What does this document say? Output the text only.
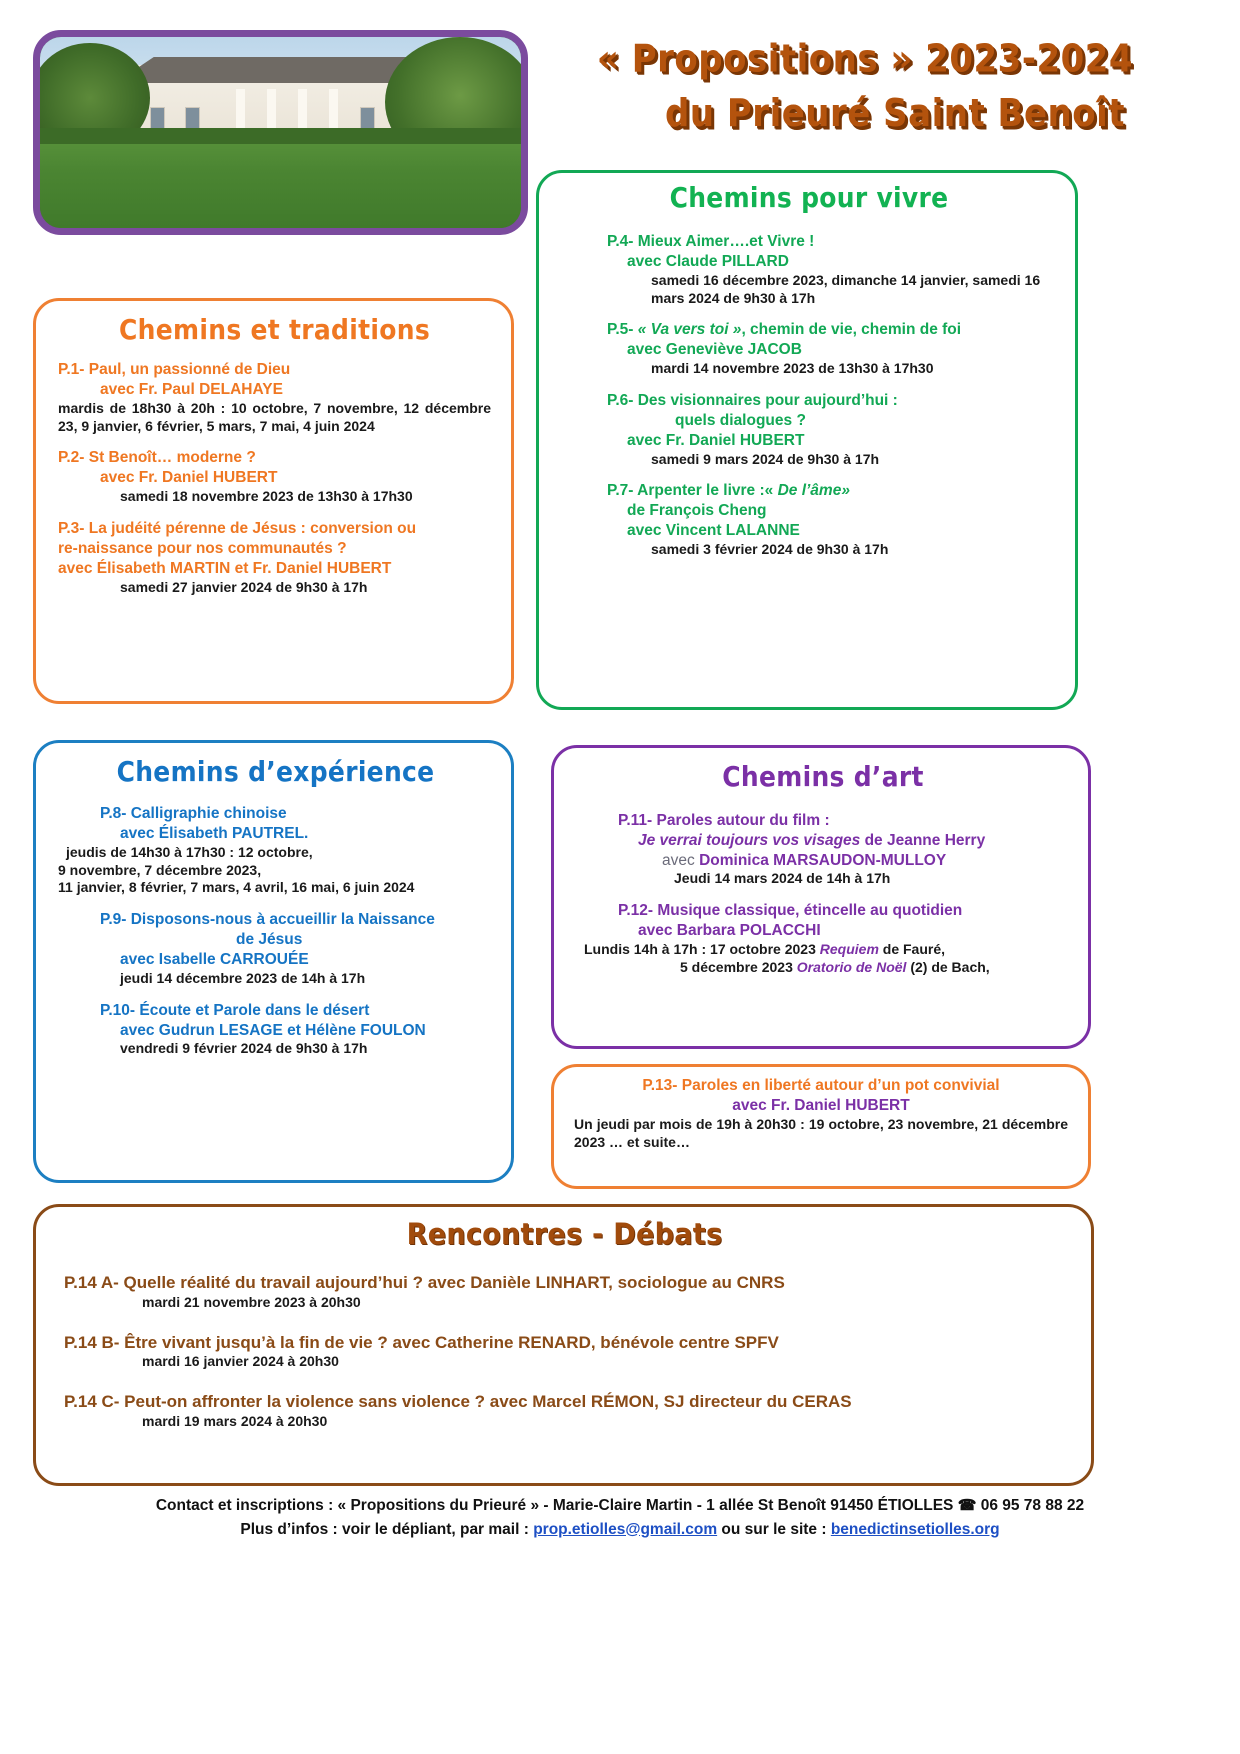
« Propositions » 2023-2024
du Prieuré Saint Benoît
Chemins et traditions
P.1- Paul, un passionné de Dieu
avec Fr. Paul DELAHAYE
mardis de 18h30 à 20h : 10 octobre, 7 novembre, 12 décembre 23, 9 janvier, 6 février, 5 mars, 7 mai, 4 juin 2024
P.2- St Benoît… moderne ?
avec Fr. Daniel HUBERT
samedi 18 novembre 2023 de 13h30 à 17h30
P.3- La judéité pérenne de Jésus : conversion ou
re-naissance pour nos communautés ?
avec Élisabeth MARTIN et Fr. Daniel HUBERT
samedi 27 janvier 2024 de 9h30 à 17h
Chemins pour vivre
P.4- Mieux Aimer….et Vivre !
avec Claude PILLARD
samedi 16 décembre 2023, dimanche 14 janvier, samedi 16 mars 2024 de 9h30 à 17h
P.5- « Va vers toi », chemin de vie, chemin de foi
avec Geneviève JACOB
mardi 14 novembre 2023 de 13h30 à 17h30
P.6- Des visionnaires pour aujourd’hui :
quels dialogues ?
avec Fr. Daniel HUBERT
samedi 9 mars 2024 de 9h30 à 17h
P.7- Arpenter le livre :« De l’âme»
de François Cheng
avec Vincent LALANNE
samedi 3 février 2024 de 9h30 à 17h
Chemins d’expérience
P.8- Calligraphie chinoise
avec Élisabeth PAUTREL.
jeudis de 14h30 à 17h30 : 12 octobre,
9 novembre, 7 décembre 2023,
11 janvier, 8 février, 7 mars, 4 avril, 16 mai, 6 juin 2024
P.9- Disposons-nous à accueillir la Naissance
de Jésus
avec Isabelle CARROUÉE
jeudi 14 décembre 2023 de 14h à 17h
P.10- Écoute et Parole dans le désert
avec Gudrun LESAGE et Hélène FOULON
vendredi 9 février 2024 de 9h30 à 17h
Chemins d’art
P.11- Paroles autour du film :
Je verrai toujours vos visages de Jeanne Herry
avec Dominica MARSAUDON-MULLOY
Jeudi 14 mars 2024 de 14h à 17h
P.12- Musique classique, étincelle au quotidien
avec Barbara POLACCHI
Lundis 14h à 17h : 17 octobre 2023 Requiem de Fauré,
5 décembre 2023 Oratorio de Noël (2) de Bach,
P.13- Paroles en liberté autour d’un pot convivial
avec Fr. Daniel HUBERT
Un jeudi par mois de 19h à 20h30 : 19 octobre, 23 novembre, 21 décembre 2023 … et suite…
Rencontres - Débats
P.14 A- Quelle réalité du travail aujourd’hui ? avec Danièle LINHART, sociologue au CNRS
mardi 21 novembre 2023 à 20h30
P.14 B- Être vivant jusqu’à la fin de vie ? avec Catherine RENARD, bénévole centre SPFV
mardi 16 janvier 2024 à 20h30
P.14 C- Peut-on affronter la violence sans violence ? avec Marcel RÉMON, SJ directeur du CERAS
mardi 19 mars 2024 à 20h30
Contact et inscriptions : « Propositions du Prieuré » - Marie-Claire Martin - 1 allée St Benoît 91450 ÉTIOLLES ☎ 06 95 78 88 22
Plus d’infos : voir le dépliant, par mail : prop.etiolles@gmail.com ou sur le site : benedictinsetiolles.org
